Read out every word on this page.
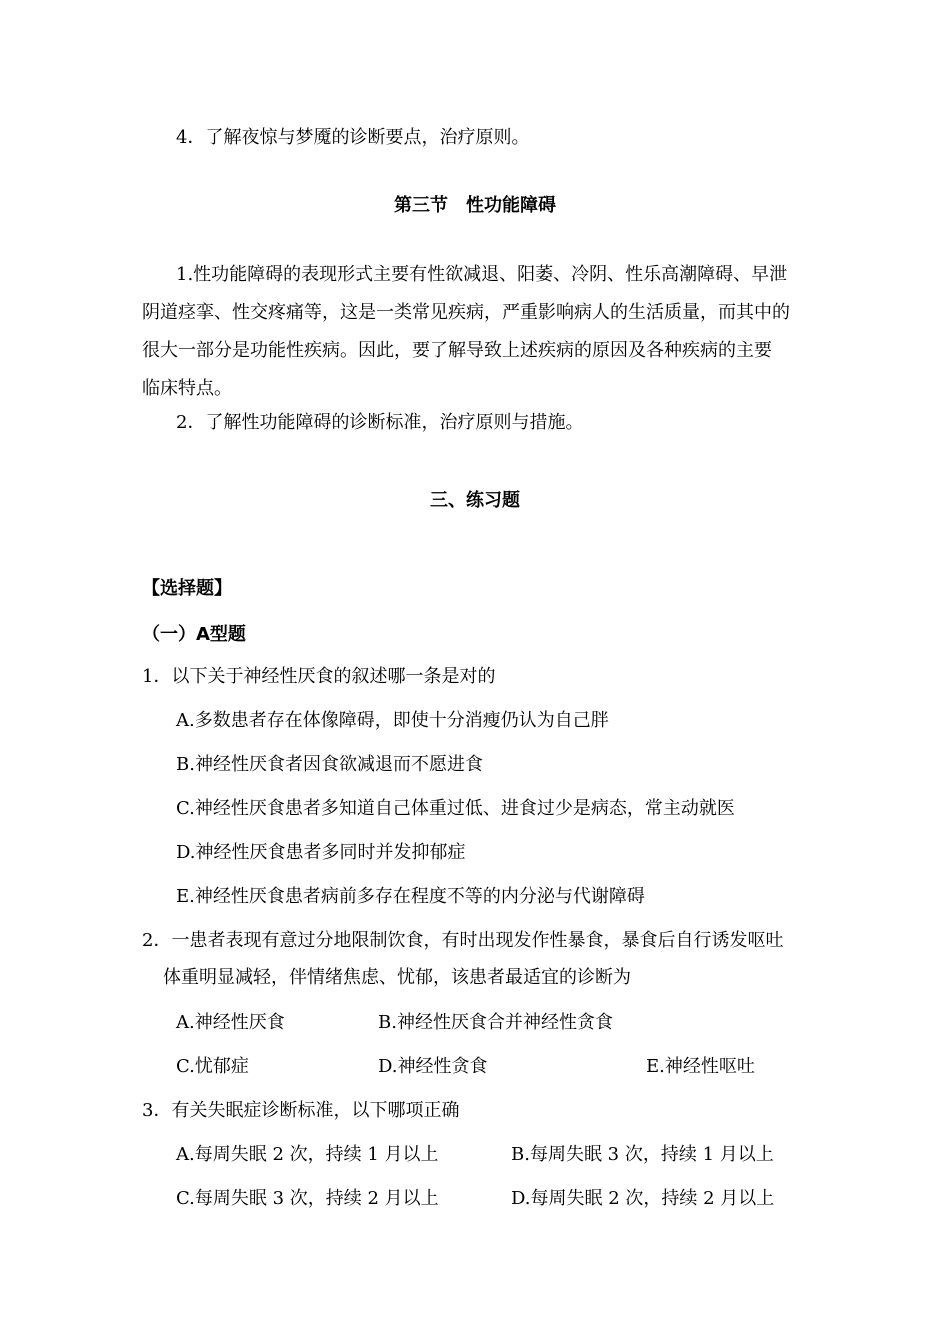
4．了解夜惊与梦魇的诊断要点，治疗原则。
第三节　性功能障碍
1.性功能障碍的表现形式主要有性欲减退、阳萎、冷阴、性乐高潮障碍、早泄
阴道痉挛、性交疼痛等，这是一类常见疾病，严重影响病人的生活质量，而其中的
很大一部分是功能性疾病。因此，要了解导致上述疾病的原因及各种疾病的主要
临床特点。
2．了解性功能障碍的诊断标准，治疗原则与措施。
三、练习题
【选择题】
（一）A型题
1．以下关于神经性厌食的叙述哪一条是对的
A.多数患者存在体像障碍，即使十分消瘦仍认为自己胖
B.神经性厌食者因食欲减退而不愿进食
C.神经性厌食患者多知道自己体重过低、进食过少是病态，常主动就医
D.神经性厌食患者多同时并发抑郁症
E.神经性厌食患者病前多存在程度不等的内分泌与代谢障碍
2．一患者表现有意过分地限制饮食，有时出现发作性暴食，暴食后自行诱发呕吐
体重明显减轻，伴情绪焦虑、忧郁，该患者最适宜的诊断为
A.神经性厌食	B.神经性厌食合并神经性贪食
C.忧郁症	D.神经性贪食	E.神经性呕吐
3．有关失眠症诊断标准，以下哪项正确
A.每周失眠 2 次，持续 1 月以上	B.每周失眠 3 次，持续 1 月以上
C.每周失眠 3 次，持续 2 月以上	D.每周失眠 2 次，持续 2 月以上
